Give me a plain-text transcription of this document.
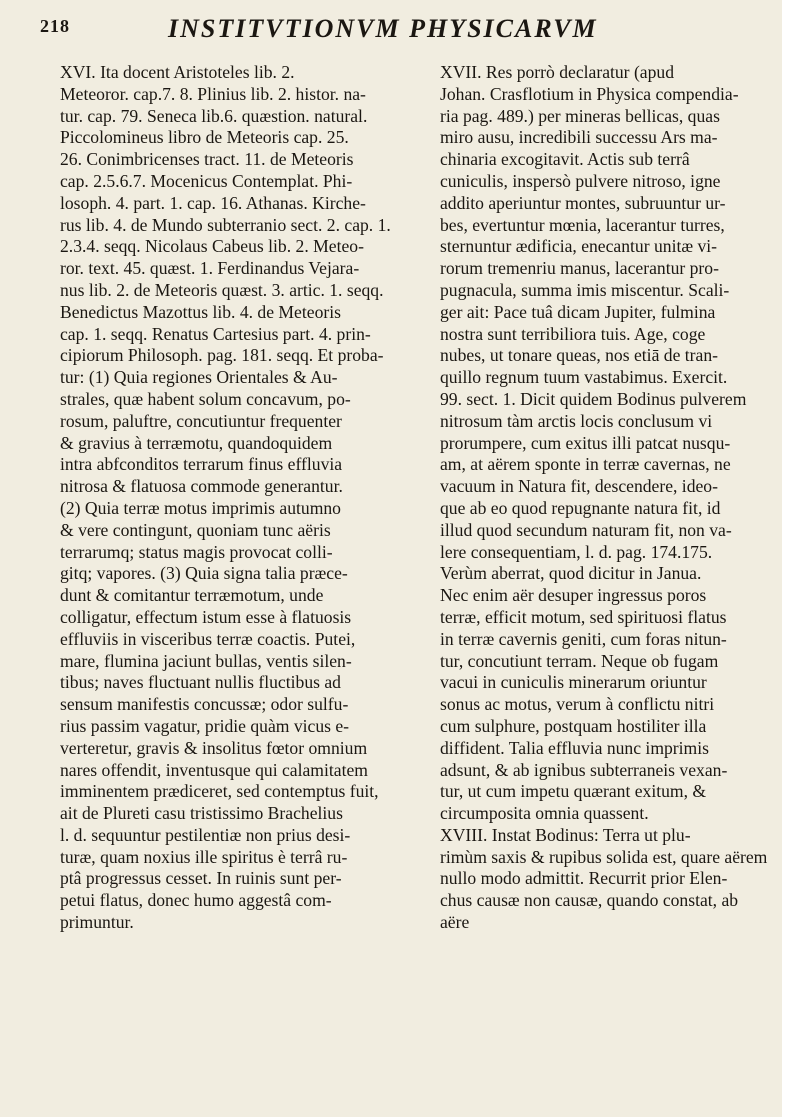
218	INSTITVTIONVM PHYSICARVM
XVI. Ita docent Aristoteles lib. 2.
Meteoror. cap.7. 8. Plinius lib. 2. histor. na-
tur. cap. 79. Seneca lib.6. quæstion. natural.
Piccolomineus libro de Meteoris cap. 25.
26. Conimbricenses tract. 11. de Meteoris
cap. 2.5.6.7. Mocenicus Contemplat. Phi-
losoph. 4. part. 1. cap. 16. Athanas. Kirche-
rus lib. 4. de Mundo subterranio sect. 2. cap. 1.
2.3.4. seqq. Nicolaus Cabeus lib. 2. Meteo-
ror. text. 45. quæst. 1. Ferdinandus Vejara-
nus lib. 2. de Meteoris quæst. 3. artic. 1. seqq.
Benedictus Mazottus lib. 4. de Meteoris
cap. 1. seqq. Renatus Cartesius part. 4. prin-
cipiorum Philosoph. pag. 181. seqq. Et proba-
tur: (1) Quia regiones Orientales & Au-
strales, quæ habent solum concavum, po-
rosum, paluftre, concutiuntur frequenter
& gravius à terræmotu, quandoquidem
intra abfconditos terrarum finus effluvia
nitrosa & flatuosa commode generantur.
(2) Quia terræ motus imprimis autumno
& vere contingunt, quoniam tunc aëris
terrarumq; status magis provocat colli-
gitq; vapores. (3) Quia signa talia præce-
dunt & comitantur terræmotum, unde
colligatur, effectum istum esse à flatuosis
effluviis in visceribus terræ coactis. Putei,
mare, flumina jaciunt bullas, ventis silen-
tibus; naves fluctuant nullis fluctibus ad
sensum manifestis concussæ; odor sulfu-
rius passim vagatur, pridie quàm vicus e-
verteretur, gravis & insolitus fœtor omnium
nares offendit, inventusque qui calamitatem
imminentem prædiceret, sed contemptus fuit,
ait de Plureti casu tristissimo Brachelius
l. d. sequuntur pestilentiæ non prius desi-
turæ, quam noxius ille spiritus è terrâ ru-
ptâ progressus cesset. In ruinis sunt per-
petui flatus, donec humo aggestâ com-
primuntur.
XVII. Res porrò declaratur (apud
Johan. Crasflotium in Physica compendia-
ria pag. 489.) per mineras bellicas, quas
miro ausu, incredibili successu Ars ma-
chinaria excogitavit. Actis sub terrâ
cuniculis, inspersò pulvere nitroso, igne
addito aperiuntur montes, subruuntur ur-
bes, evertuntur mœnia, lacerantur turres,
sternuntur ædificia, enecantur unitæ vi-
rorum tremenriu manus, lacerantur pro-
pugnacula, summa imis miscentur. Scali-
ger ait: Pace tuâ dicam Jupiter, fulmina
nostra sunt terribiliora tuis. Age, coge
nubes, ut tonare queas, nos etiā de tran-
quillo regnum tuum vastabimus. Exercit.
99. sect. 1. Dicit quidem Bodinus pulverem
nitrosum tàm arctis locis conclusum vi
prorumpere, cum exitus illi patcat nusqu-
am, at aërem sponte in terræ cavernas, ne
vacuum in Natura fit, descendere, ideo-
que ab eo quod repugnante natura fit, id
illud quod secundum naturam fit, non va-
lere consequentiam, l. d. pag. 174.175.
Verùm aberrat, quod dicitur in Janua.
Nec enim aër desuper ingressus poros
terræ, efficit motum, sed spirituosi flatus
in terræ cavernis geniti, cum foras nitun-
tur, concutiunt terram. Neque ob fugam
vacui in cuniculis minerarum oriuntur
sonus ac motus, verum à conflictu nitri
cum sulphure, postquam hostiliter illa
diffident. Talia effluvia nunc imprimis
adsunt, & ab ignibus subterraneis vexan-
tur, ut cum impetu quærant exitum, &
circumposita omnia quassent.
XVIII. Instat Bodinus: Terra ut plu-
rimùm saxis & rupibus solida est, quare aërem
nullo modo admittit. Recurrit prior Elen-
chus causæ non causæ, quando constat, ab
aëre
